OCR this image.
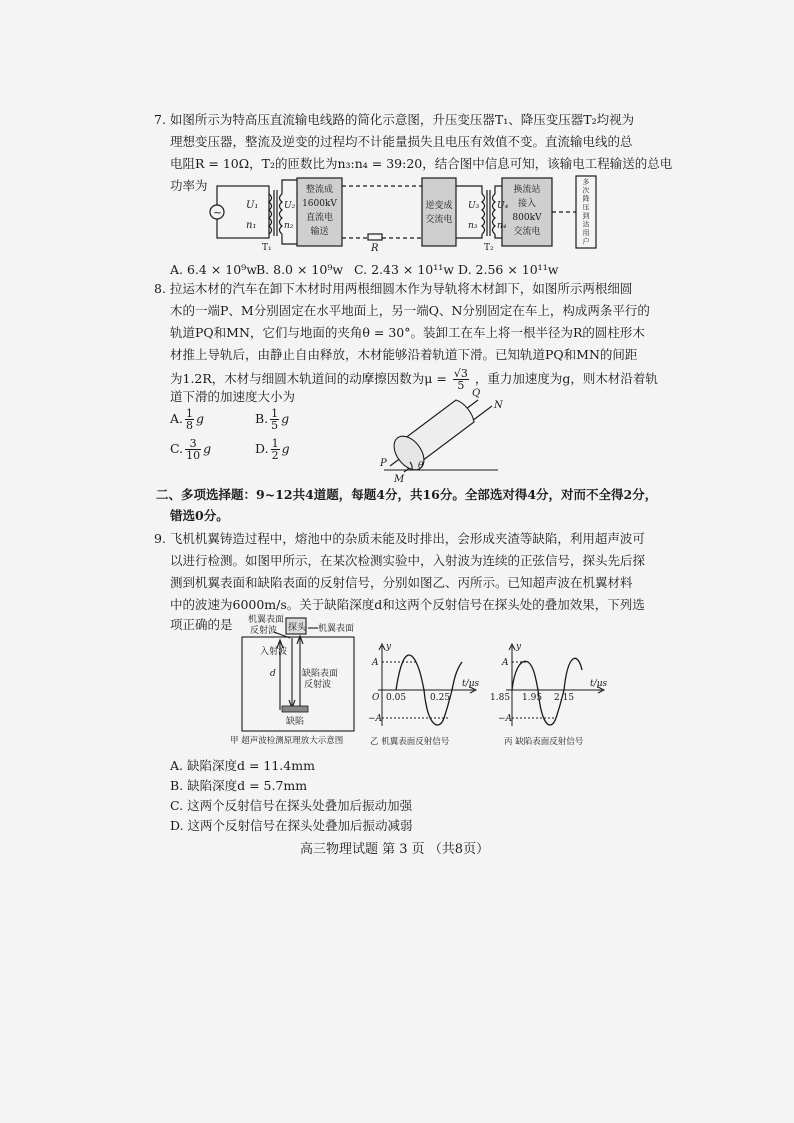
7. 如图所示为特高压直流输电线路的简化示意图，升压变压器T₁、降压变压器T₂均视为
理想变压器，整流及逆变的过程均不计能量损失且电压有效值不变。直流输电线的总
电阻R = 10Ω，T₂的匝数比为n₃:n₄ = 39:20，结合图中信息可知，该输电工程输送的总电
功率为
~
U₁
n₁
U₂
n₂
T₁
整流成
1600kV
直流电
输送
逆变成
交流电
换流站
接入
800kV
交流电
多
次
降
压
到
达
用
户
U₃
n₃
U₄
n₄
T₂
R
A. 6.4 × 10⁹w B. 8.0 × 10⁹w C. 2.43 × 10¹¹w D. 2.56 × 10¹¹w
8. 拉运木材的汽车在卸下木材时用两根细圆木作为导轨将木材卸下，如图所示两根细圆
木的一端P、M分别固定在水平地面上，另一端Q、N分别固定在车上，构成两条平行的
轨道PQ和MN，它们与地面的夹角θ = 30°。装卸工在车上将一根半径为R的圆柱形木
材推上导轨后，由静止自由释放，木材能够沿着轨道下滑。已知轨道PQ和MN的间距
为1.2R，木材与细圆木轨道间的动摩擦因数为$\mu = \frac{√3}{5}$ ，重力加速度为g，则木材沿着轨
道下滑的加速度大小为
A. $\frac{1}{8}$ g	B. $\frac{1}{5}$ g
C. $\frac{3}{10}$ g	D. $\frac{1}{2}$ g
P
M
Q
N
θ
二、多项选择题：9~12共4道题，每题4分，共16分。全部选对得4分，对而不全得2分，
错选0分。
9. 飞机机翼铸造过程中，熔池中的杂质未能及时排出，会形成夹渣等缺陷，利用超声波可
以进行检测。如图甲所示，在某次检测实验中，入射波为连续的正弦信号，探头先后探
测到机翼表面和缺陷表面的反射信号，分别如图乙、丙所示。已知超声波在机翼材料
中的波速为6000m/s。关于缺陷深度d和这两个反射信号在探头处的叠加效果，下列选
项正确的是 机翼表面
反射波 探头 机翼表面
入射波
缺陷表面
反射波
d
缺陷
甲 超声波检测原理放大示意图
y
t/μs
A
−A
O 0.05	0.25
乙 机翼表面反射信号
y
t/μs
A
−A
1.85 1.95 2.15
丙 缺陷表面反射信号
A. 缺陷深度d = 11.4mm
B. 缺陷深度d = 5.7mm
C. 这两个反射信号在探头处叠加后振动加强
D. 这两个反射信号在探头处叠加后振动减弱
高三物理试题 第 3 页 （共8页）
